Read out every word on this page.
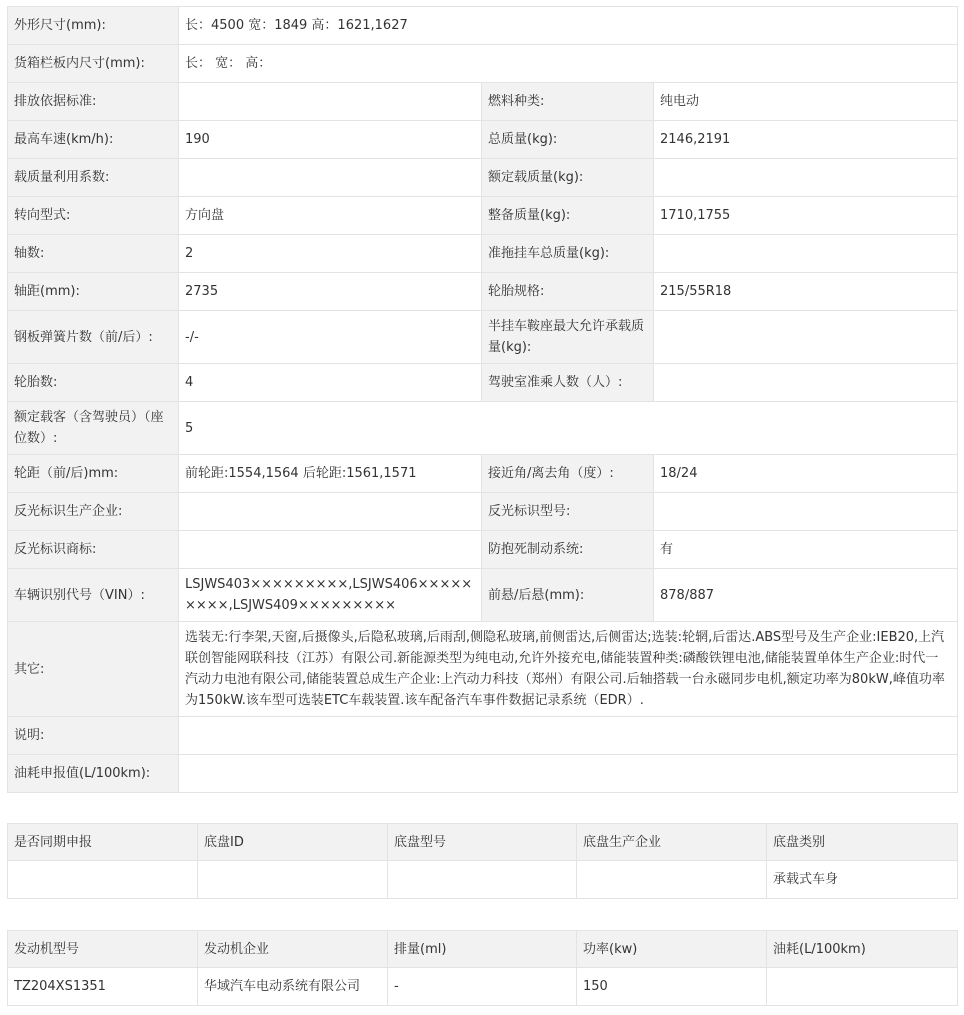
外形尺寸(mm):	长：4500 宽：1849 高：1621,1627		
货箱栏板内尺寸(mm):	长： 宽： 高：		
排放依据标准:		燃料种类:	纯电动
最高车速(km/h):	190	总质量(kg):	2146,2191
载质量利用系数:		额定载质量(kg):	
转向型式:	方向盘	整备质量(kg):	1710,1755
轴数:	2	准拖挂车总质量(kg):	
轴距(mm):	2735	轮胎规格:	215/55R18
钢板弹簧片数（前/后）:	-/-	半挂车鞍座最大允许承载质量(kg):	
轮胎数:	4	驾驶室准乘人数（人）:	
额定载客（含驾驶员）（座位数）:	5		
轮距（前/后)mm:	前轮距:1554,1564 后轮距:1561,1571	接近角/离去角（度）:	18/24
反光标识生产企业:		反光标识型号:	
反光标识商标:		防抱死制动系统:	有
车辆识别代号（VIN）:	LSJWS403×××××××××,LSJWS406×××××××××,LSJWS409×××××××××	前悬/后悬(mm):	878/887
其它:	选装无:行李架,天窗,后摄像头,后隐私玻璃,后雨刮,侧隐私玻璃,前侧雷达,后侧雷达;选装:轮辋,后雷达.ABS型号及生产企业:IEB20,上汽联创智能网联科技（江苏）有限公司.新能源类型为纯电动,允许外接充电,储能装置种类:磷酸铁锂电池,储能装置单体生产企业:时代一汽动力电池有限公司,储能装置总成生产企业:上汽动力科技（郑州）有限公司.后轴搭载一台永磁同步电机,额定功率为80kW,峰值功率为150kW.该车型可选装ETC车载装置.该车配备汽车事件数据记录系统（EDR）.		
说明:			
油耗申报值(L/100km):			
是否同期申报	底盘ID	底盘型号	底盘生产企业	底盘类别
				承载式车身
发动机型号	发动机企业	排量(ml)	功率(kw)	油耗(L/100km)
TZ204XS1351	华域汽车电动系统有限公司	-	150	
